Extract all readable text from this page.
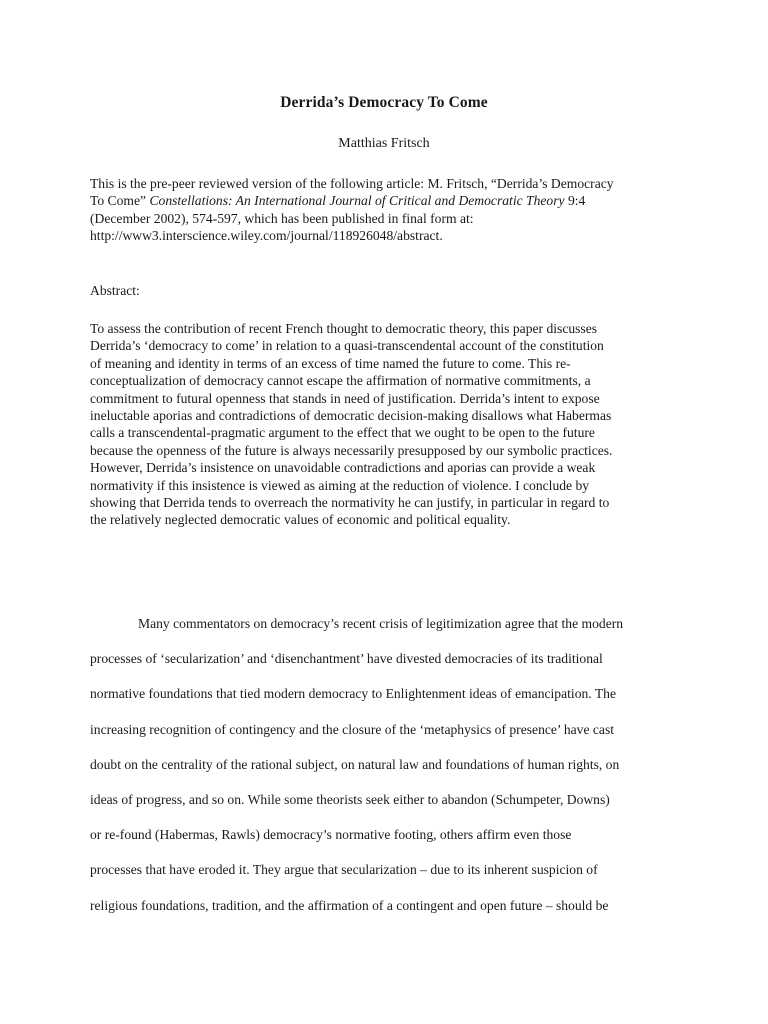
Derrida’s Democracy To Come
Matthias Fritsch
This is the pre-peer reviewed version of the following article: M. Fritsch, “Derrida’s Democracy
To Come” Constellations: An International Journal of Critical and Democratic Theory 9:4
(December 2002), 574-597, which has been published in final form at:
http://www3.interscience.wiley.com/journal/118926048/abstract.
Abstract:
To assess the contribution of recent French thought to democratic theory, this paper discusses
Derrida’s ‘democracy to come’ in relation to a quasi-transcendental account of the constitution
of meaning and identity in terms of an excess of time named the future to come. This re-
conceptualization of democracy cannot escape the affirmation of normative commitments, a
commitment to futural openness that stands in need of justification. Derrida’s intent to expose
ineluctable aporias and contradictions of democratic decision-making disallows what Habermas
calls a transcendental-pragmatic argument to the effect that we ought to be open to the future
because the openness of the future is always necessarily presupposed by our symbolic practices.
However, Derrida’s insistence on unavoidable contradictions and aporias can provide a weak
normativity if this insistence is viewed as aiming at the reduction of violence. I conclude by
showing that Derrida tends to overreach the normativity he can justify, in particular in regard to
the relatively neglected democratic values of economic and political equality.
Many commentators on democracy’s recent crisis of legitimization agree that the modern
processes of ‘secularization’ and ‘disenchantment’ have divested democracies of its traditional
normative foundations that tied modern democracy to Enlightenment ideas of emancipation. The
increasing recognition of contingency and the closure of the ‘metaphysics of presence’ have cast
doubt on the centrality of the rational subject, on natural law and foundations of human rights, on
ideas of progress, and so on. While some theorists seek either to abandon (Schumpeter, Downs)
or re-found (Habermas, Rawls) democracy’s normative footing, others affirm even those
processes that have eroded it. They argue that secularization – due to its inherent suspicion of
religious foundations, tradition, and the affirmation of a contingent and open future – should be
